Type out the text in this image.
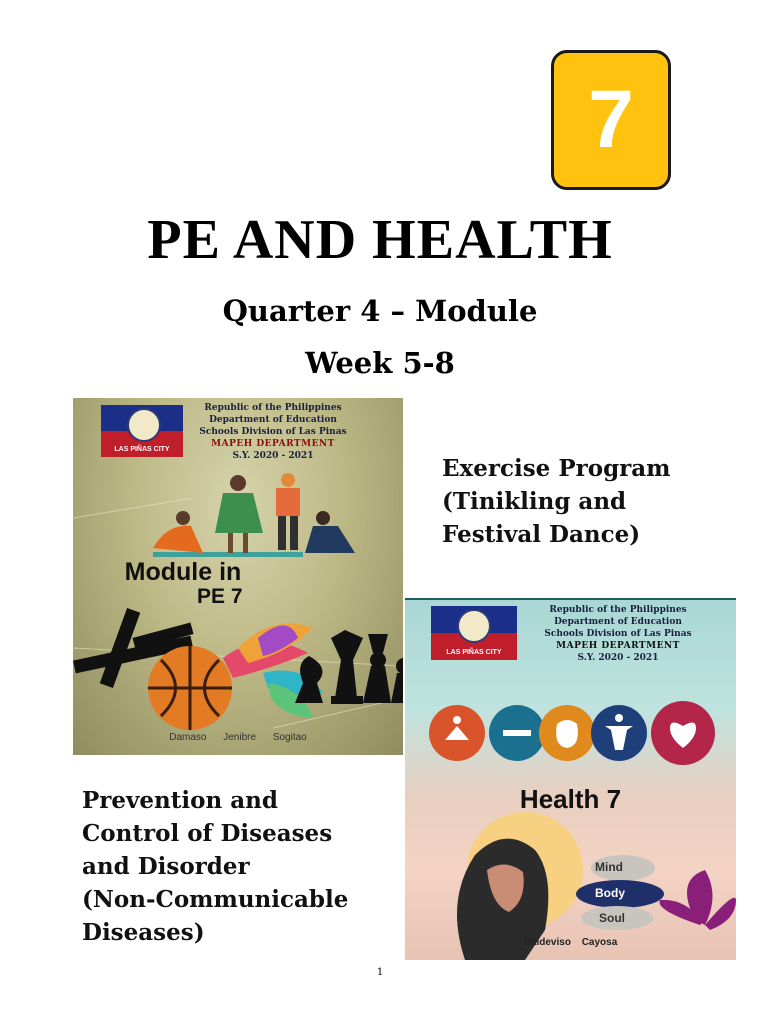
7
PE AND HEALTH
Quarter 4 – Module
Week 5-8
LAS PIÑAS CITY
Republic of the Philippines
Department of Education
Schools Division of Las Pinas
MAPEH DEPARTMENT
S.Y. 2020 - 2021
Module in
PE 7
Damaso Jenibre Sogitao
LAS PIÑAS CITY
Republic of the Philippines
Department of Education
Schools Division of Las Pinas
MAPEH DEPARTMENT
S.Y. 2020 - 2021
Mind
Body
Soul
Health 7
Baldeviso Cayosa
Exercise Program
(Tinikling and
Festival Dance)
Prevention and
Control of Diseases
and Disorder
(Non-Communicable
Diseases)
1
